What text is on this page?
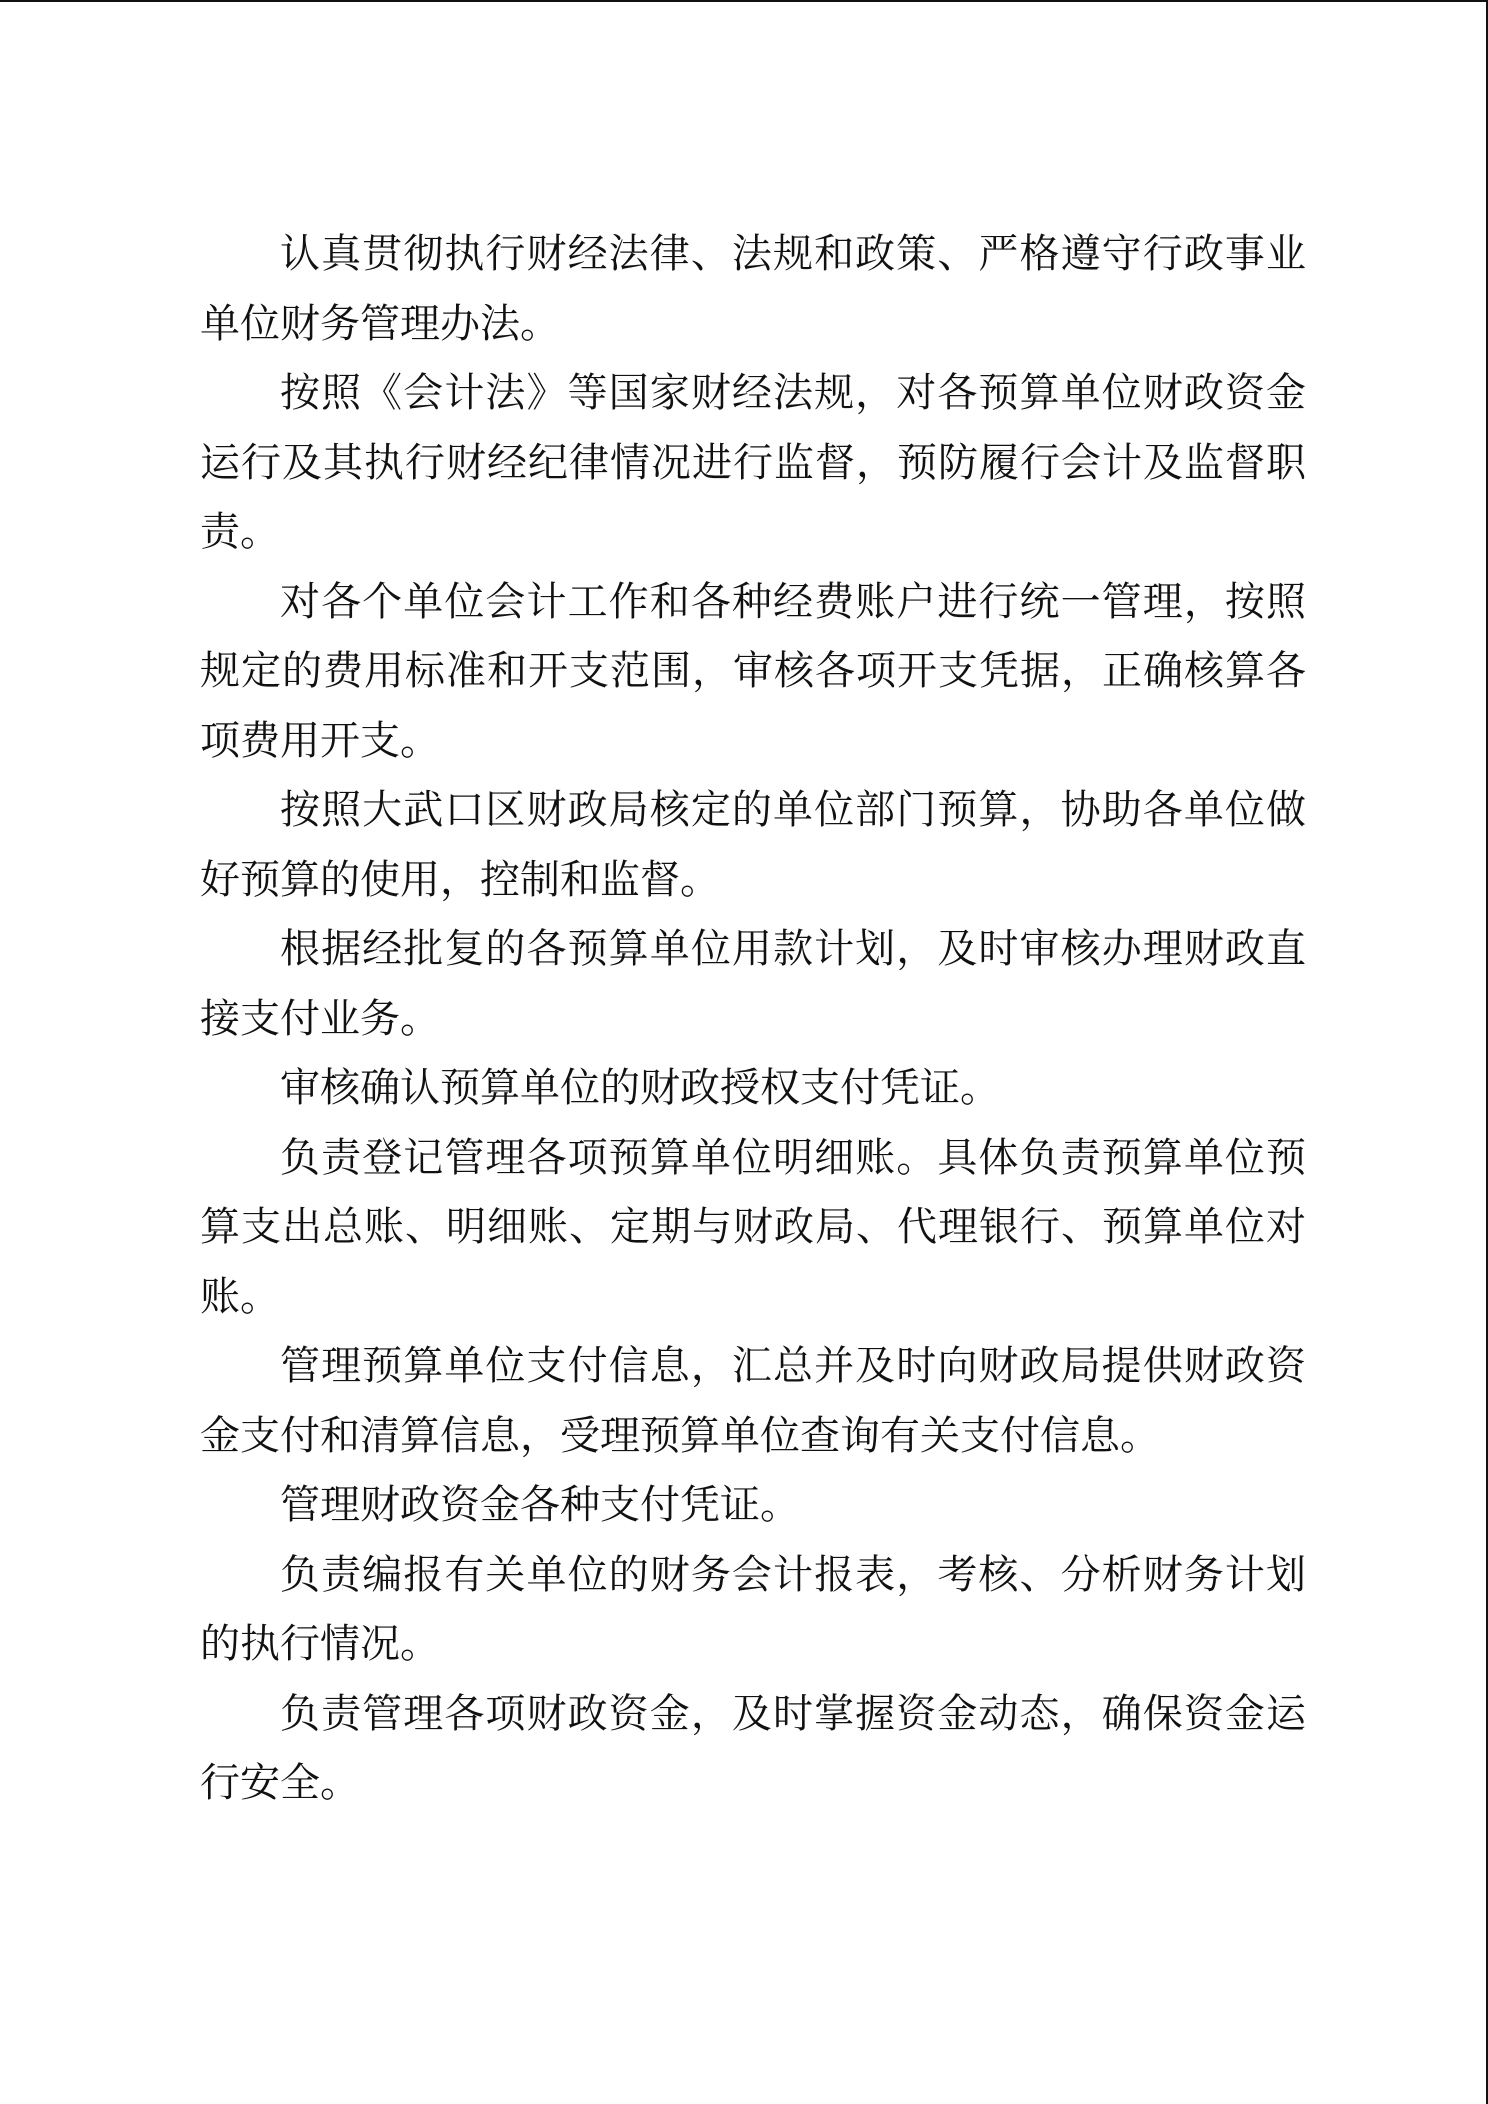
认真贯彻执行财经法律、法规和政策、严格遵守行政事业单位财务管理办法。

按照《会计法》等国家财经法规，对各预算单位财政资金运行及其执行财经纪律情况进行监督，预防履行会计及监督职责。

对各个单位会计工作和各种经费账户进行统一管理，按照规定的费用标准和开支范围，审核各项开支凭据，正确核算各项费用开支。

按照大武口区财政局核定的单位部门预算，协助各单位做好预算的使用，控制和监督。

根据经批复的各预算单位用款计划，及时审核办理财政直接支付业务。

审核确认预算单位的财政授权支付凭证。

负责登记管理各项预算单位明细账。具体负责预算单位预算支出总账、明细账、定期与财政局、代理银行、预算单位对账。

管理预算单位支付信息，汇总并及时向财政局提供财政资金支付和清算信息，受理预算单位查询有关支付信息。

管理财政资金各种支付凭证。

负责编报有关单位的财务会计报表，考核、分析财务计划的执行情况。

负责管理各项财政资金，及时掌握资金动态，确保资金运行安全。
